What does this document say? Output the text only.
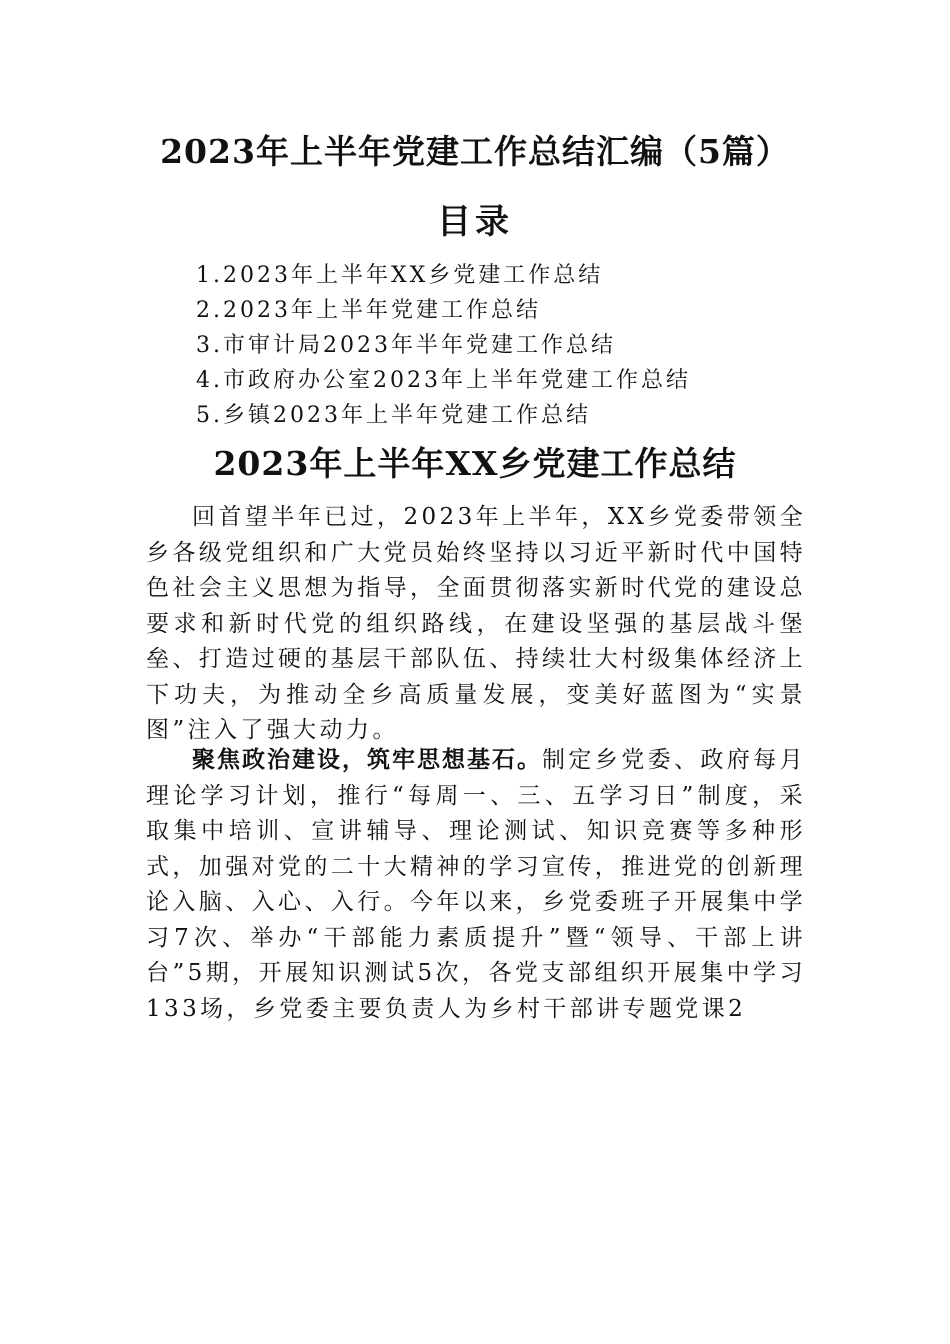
2023年上半年党建工作总结汇编（5篇）
目录
1.2023年上半年XX乡党建工作总结
2.2023年上半年党建工作总结
3.市审计局2023年半年党建工作总结
4.市政府办公室2023年上半年党建工作总结
5.乡镇2023年上半年党建工作总结
2023年上半年XX乡党建工作总结

回首望半年已过，2023年上半年，XX乡党委带领全乡各级党组织和广大党员始终坚持以习近平新时代中国特色社会主义思想为指导，全面贯彻落实新时代党的建设总要求和新时代党的组织路线，在建设坚强的基层战斗堡垒、打造过硬的基层干部队伍、持续壮大村级集体经济上下功夫，为推动全乡高质量发展，变美好蓝图为“实景图”注入了强大动力。

聚焦政治建设，筑牢思想基石。制定乡党委、政府每月理论学习计划，推行“每周一、三、五学习日”制度，采取集中培训、宣讲辅导、理论测试、知识竞赛等多种形式，加强对党的二十大精神的学习宣传，推进党的创新理论入脑、入心、入行。今年以来，乡党委班子开展集中学习7次、举办“干部能力素质提升”暨“领导、干部上讲台”5期，开展知识测试5次，各党支部组织开展集中学习133场，乡党委主要负责人为乡村干部讲专题党课2
